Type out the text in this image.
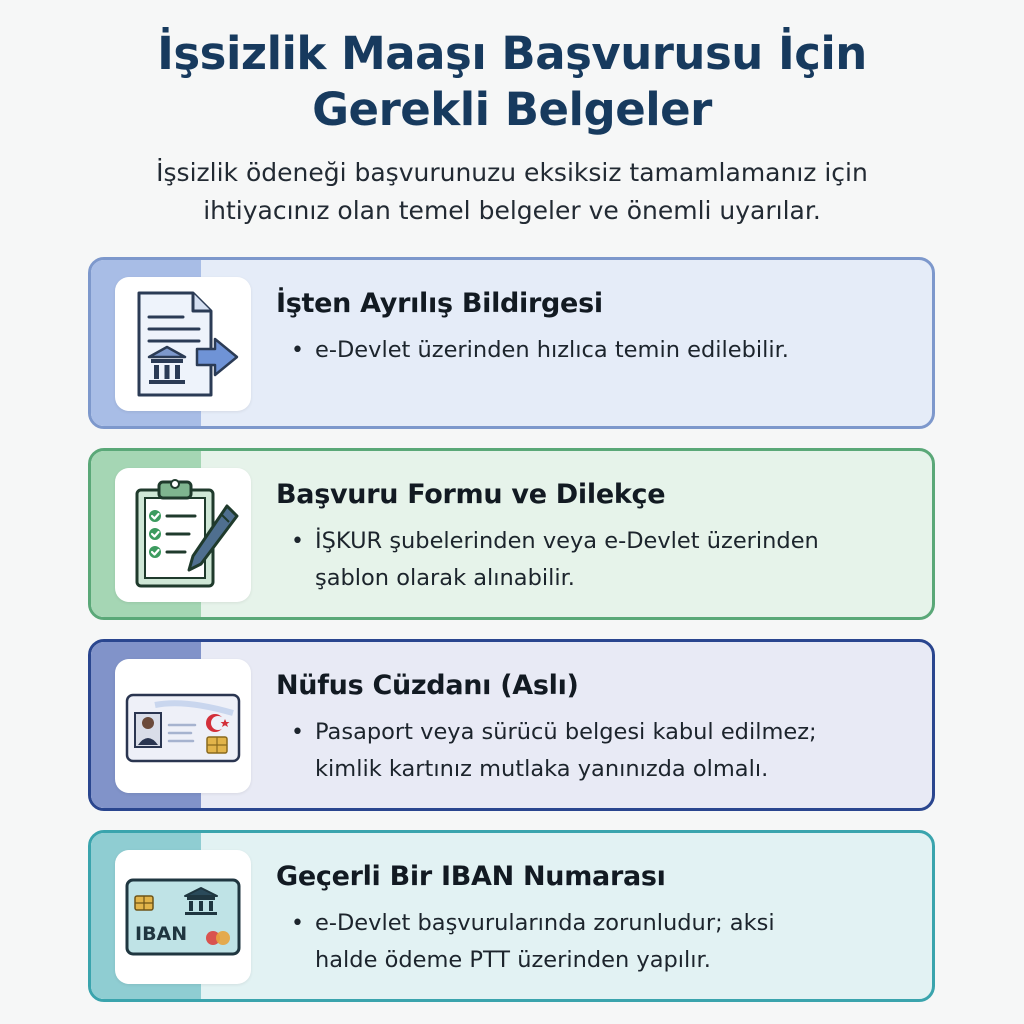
İşsizlik Maaşı Başvurusu İçin
Gerekli Belgeler

İşsizlik ödeneği başvurunuzu eksiksiz tamamlamanız için
ihtiyacınız olan temel belgeler ve önemli uyarılar.

İşten Ayrılış Bildirgesi

• e-Devlet üzerinden hızlıca temin edilebilir.

Başvuru Formu ve Dilekçe

• İŞKUR şubelerinden veya e-Devlet üzerinden
şablon olarak alınabilir.

Nüfus Cüzdanı (Aslı)

• Pasaport veya sürücü belgesi kabul edilmez;
kimlik kartınız mutlaka yanınızda olmalı.

IBAN
Geçerli Bir IBAN Numarası

• e-Devlet başvurularında zorunludur; aksi
halde ödeme PTT üzerinden yapılır.
